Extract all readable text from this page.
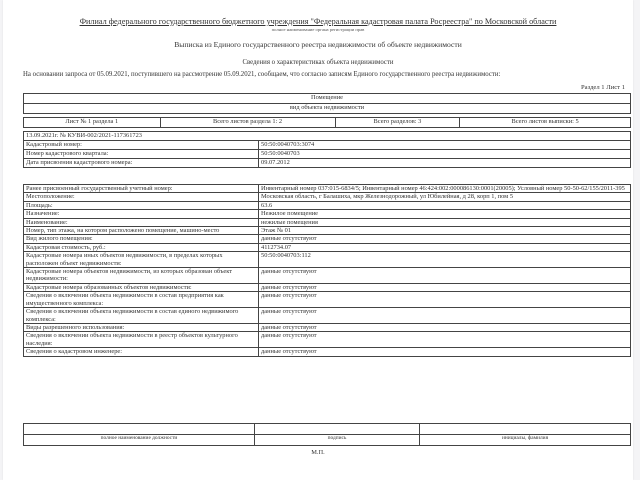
Филиал федерального государственного бюджетного учреждения "Федеральная кадастровая палата Росреестра" по Московской области
полное наименование органа регистрации прав
Выписка из Единого государственного реестра недвижимости об объекте недвижимости
Сведения о характеристиках объекта недвижимости
На основании запроса от 05.09.2021, поступившего на рассмотрение 05.09.2021, сообщаем, что согласно записям Единого государственного реестра недвижимости:
Раздел 1 Лист 1
Помещение
вид объекта недвижимости
Лист № 1 раздела 1	Всего листов раздела 1: 2	Всего разделов: 3	Всего листов выписки: 5
13.09.2021г. № КУВИ-002/2021-117361723	
Кадастровый номер:	50:50:0040703:3074
Номер кадастрового квартала:	50:50:0040703
Дата присвоения кадастрового номера:	09.07.2012
Ранее присвоенный государственный учетный номер:	Инвентарный номер 037:015-6834/5; Инвентарный номер 46:424:002:000086130:0001(20005); Условный номер 50-50-62/155/2011-395
Местоположение:	Московская область, г Балашиха, мкр Железнодорожный, ул Юбилейная, д 28, корп 1, пом 5
Площадь:	63.6
Назначение:	Нежилое помещение
Наименование:	нежилые помещения
Номер, тип этажа, на котором расположено помещение, машино-место	Этаж № 01
Вид жилого помещения:	данные отсутствуют
Кадастровая стоимость, руб.:	4112734.07
Кадастровые номера иных объектов недвижимости, в пределах которых расположен объект недвижимости:	50:50:0040703:112
Кадастровые номера объектов недвижимости, из которых образован объект недвижимости:	данные отсутствуют
Кадастровые номера образованных объектов недвижимости:	данные отсутствуют
Сведения о включении объекта недвижимости в состав предприятия как имущественного комплекса:	данные отсутствуют
Сведения о включении объекта недвижимости в состав единого недвижимого комплекса:	данные отсутствуют
Виды разрешенного использования:	данные отсутствуют
Сведения о включении объекта недвижимости в реестр объектов культурного наследия:	данные отсутствуют
Сведения о кадастровом инженере:	данные отсутствуют

полное наименование должности	подпись	инициалы, фамилия
М.П.
